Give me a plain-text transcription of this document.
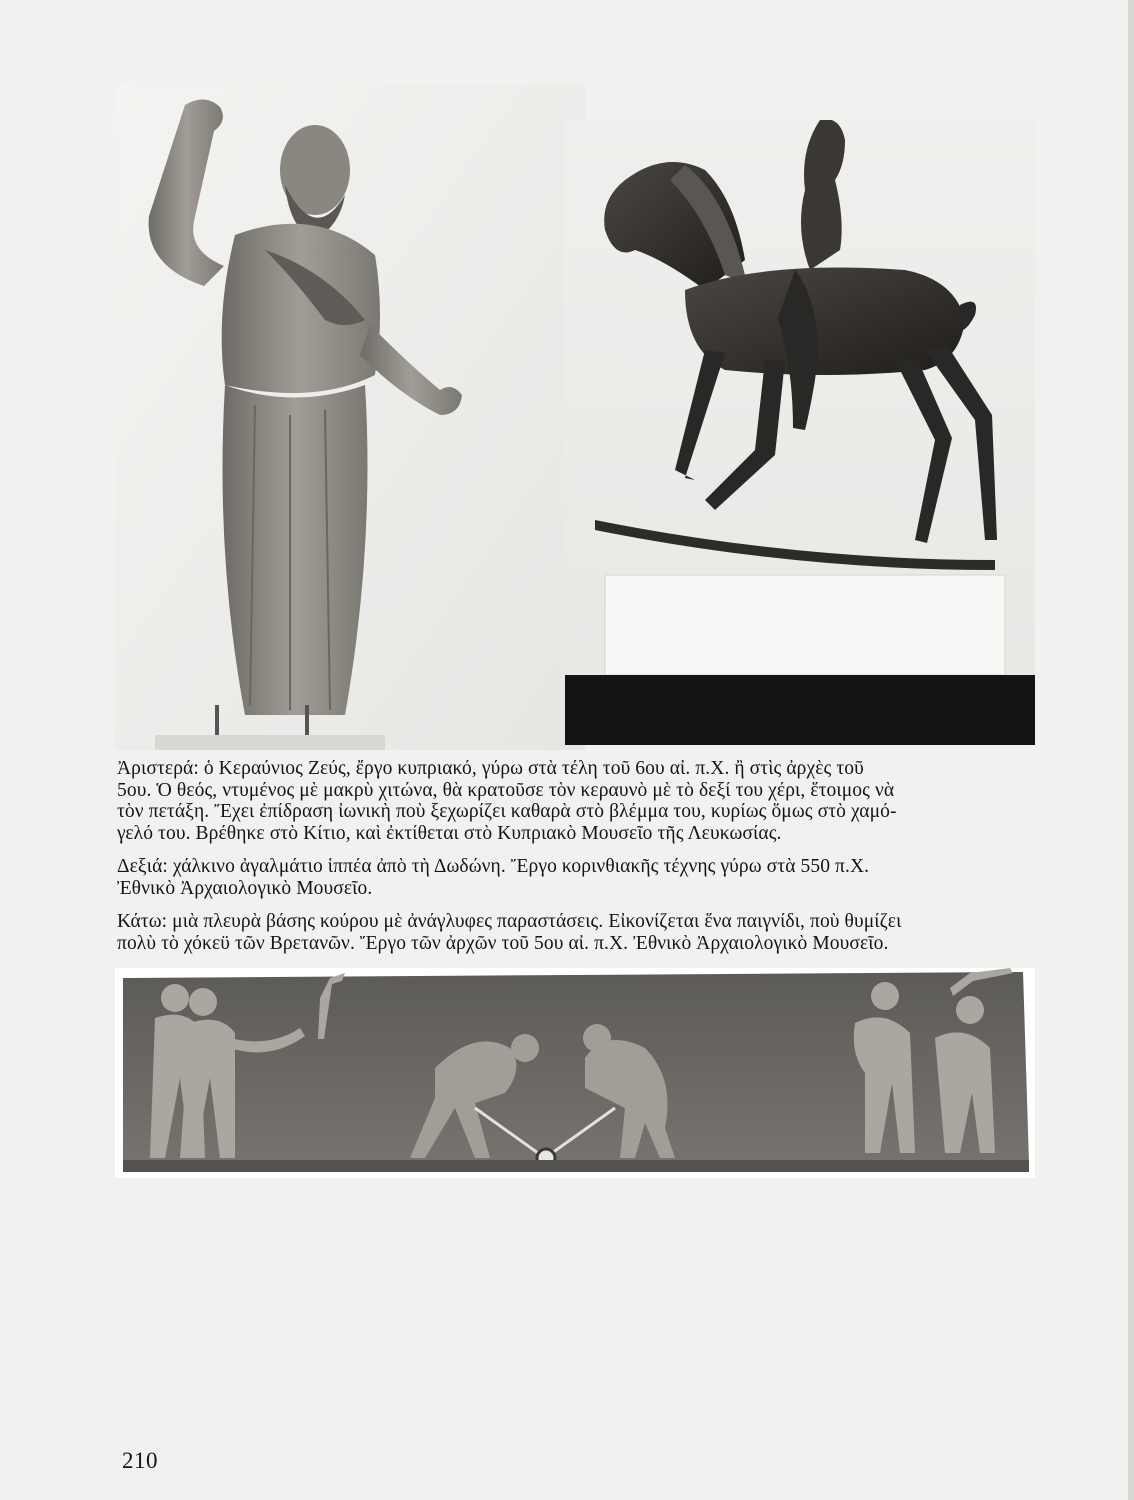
Ἀριστερά: ὁ Κεραύνιος Ζεύς, ἔργο κυπριακό, γύρω στὰ τέλη τοῦ 6ου αἰ. π.Χ. ἢ στὶς ἀρχὲς τοῦ
5ου. Ὁ θεός, ντυμένος μὲ μακρὺ χιτώνα, θὰ κρατοῦσε τὸν κεραυνὸ μὲ τὸ δεξί του χέρι, ἕτοιμος νὰ
τὸν πετάξη. Ἔχει ἐπίδραση ἰωνικὴ ποὺ ξεχωρίζει καθαρὰ στὸ βλέμμα του, κυρίως ὅμως στὸ χαμό-
γελό του. Βρέθηκε στὸ Κίτιο, καὶ ἐκτίθεται στὸ Κυπριακὸ Μουσεῖο τῆς Λευκωσίας.

Δεξιά: χάλκινο ἀγαλμάτιο ἱππέα ἀπὸ τὴ Δωδώνη. Ἔργο κορινθιακῆς τέχνης γύρω στὰ 550 π.Χ.
Ἐθνικὸ Ἀρχαιολογικὸ Μουσεῖο.

Κάτω: μιὰ πλευρὰ βάσης κούρου μὲ ἀνάγλυφες παραστάσεις. Εἰκονίζεται ἕνα παιγνίδι, ποὺ θυμίζει
πολὺ τὸ χόκεϋ τῶν Βρετανῶν. Ἔργο τῶν ἀρχῶν τοῦ 5ου αἰ. π.Χ. Ἐθνικὸ Ἀρχαιολογικὸ Μουσεῖο.

210
